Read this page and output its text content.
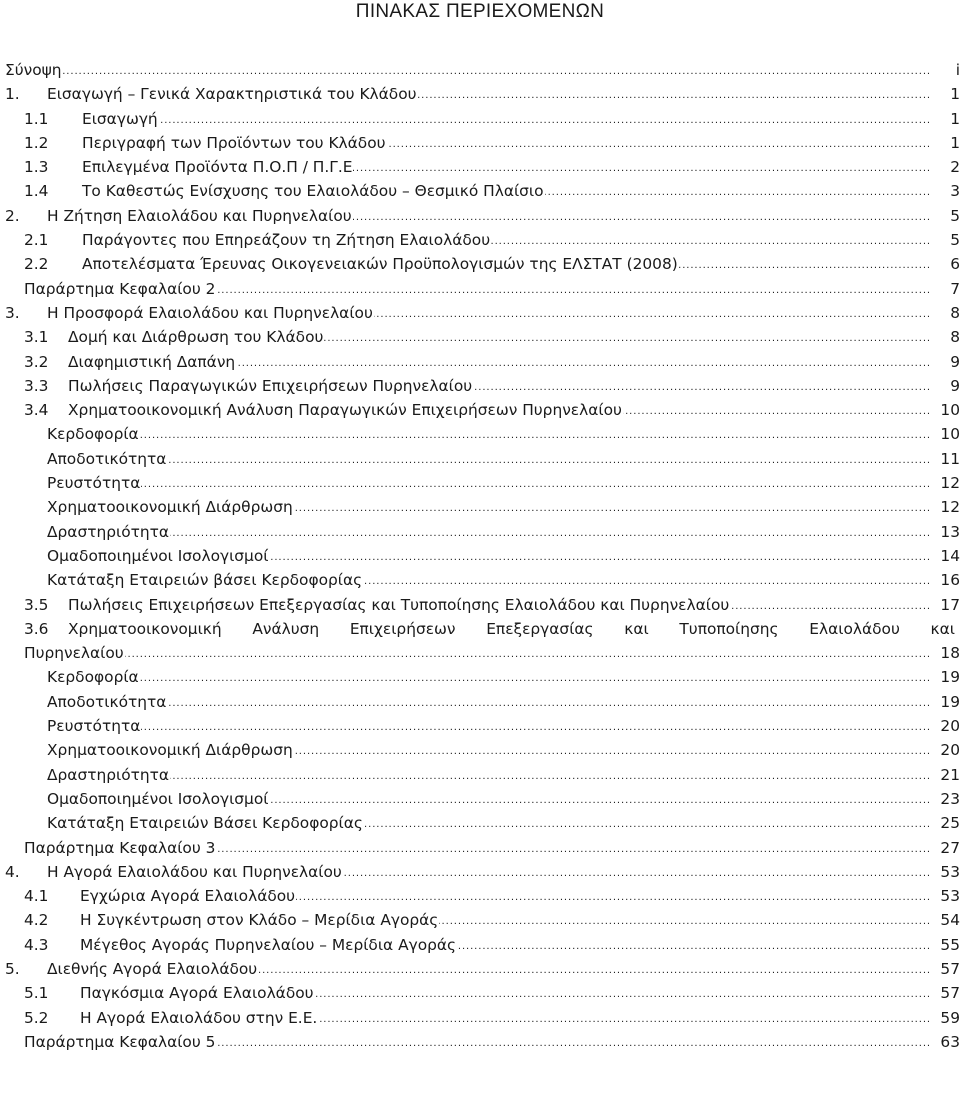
ΠΙΝΑΚΑΣ ΠΕΡΙΕΧΟΜΕΝΩΝ
.....
Σύνοψη	i
1. ..... Εισαγωγή – Γενικά Χαρακτηριστικά του Κλάδου	1
1.1 ..... Εισαγωγή	1
1.2 ..... Περιγραφή των Προϊόντων του Κλάδου	1
1.3 ..... Επιλεγμένα Προϊόντα Π.Ο.Π / Π.Γ.Ε	2
1.4 ..... Το Καθεστώς Ενίσχυσης του Ελαιολάδου – Θεσμικό Πλαίσιο	3
2. ..... Η Ζήτηση Ελαιολάδου και Πυρηνελαίου	5
2.1 ..... Παράγοντες που Επηρεάζουν τη Ζήτηση Ελαιολάδου	5
2.2 ..... Αποτελέσματα Έρευνας Οικογενειακών Προϋπολογισμών της ΕΛΣΤΑΤ (2008)	6
.....
Παράρτημα Κεφαλαίου 2	7
3. ..... Η Προσφορά Ελαιολάδου και Πυρηνελαίου	8
3.1 ..... Δομή και Διάρθρωση του Κλάδου	8
3.2 ..... Διαφημιστική Δαπάνη	9
3.3 ..... Πωλήσεις Παραγωγικών Επιχειρήσεων Πυρηνελαίου	9
3.4 ..... Χρηματοοικονομική Ανάλυση Παραγωγικών Επιχειρήσεων Πυρηνελαίου	10
.....
Κερδοφορία	10
.....
Αποδοτικότητα	11
.....
Ρευστότητα	12
.....
Χρηματοοικονομική Διάρθρωση	12
.....
Δραστηριότητα	13
.....
Ομαδοποιημένοι Ισολογισμοί	14
.....
Κατάταξη Εταιρειών βάσει Κερδοφορίας	16
3.5 ..... Πωλήσεις Επιχειρήσεων Επεξεργασίας και Τυποποίησης Ελαιολάδου και Πυρηνελαίου	17
3.6 Χρηματοοικονομική Ανάλυση Επιχειρήσεων Επεξεργασίας και Τυποποίησης Ελαιολάδου και
.....
Πυρηνελαίου	18
.....
Κερδοφορία	19
.....
Αποδοτικότητα	19
.....
Ρευστότητα	20
.....
Χρηματοοικονομική Διάρθρωση	20
.....
Δραστηριότητα	21
.....
Ομαδοποιημένοι Ισολογισμοί	23
.....
Κατάταξη Εταιρειών Βάσει Κερδοφορίας	25
.....
Παράρτημα Κεφαλαίου 3	27
4. ..... Η Αγορά Ελαιολάδου και Πυρηνελαίου	53
4.1 ..... Εγχώρια Αγορά Ελαιολάδου	53
4.2 ..... Η Συγκέντρωση στον Κλάδο – Μερίδια Αγοράς	54
4.3 ..... Μέγεθος Αγοράς Πυρηνελαίου – Μερίδια Αγοράς	55
5. ..... Διεθνής Αγορά Ελαιολάδου	57
5.1 ..... Παγκόσμια Αγορά Ελαιολάδου	57
5.2 ..... Η Αγορά Ελαιολάδου στην Ε.Ε.	59
.....
Παράρτημα Κεφαλαίου 5	63
